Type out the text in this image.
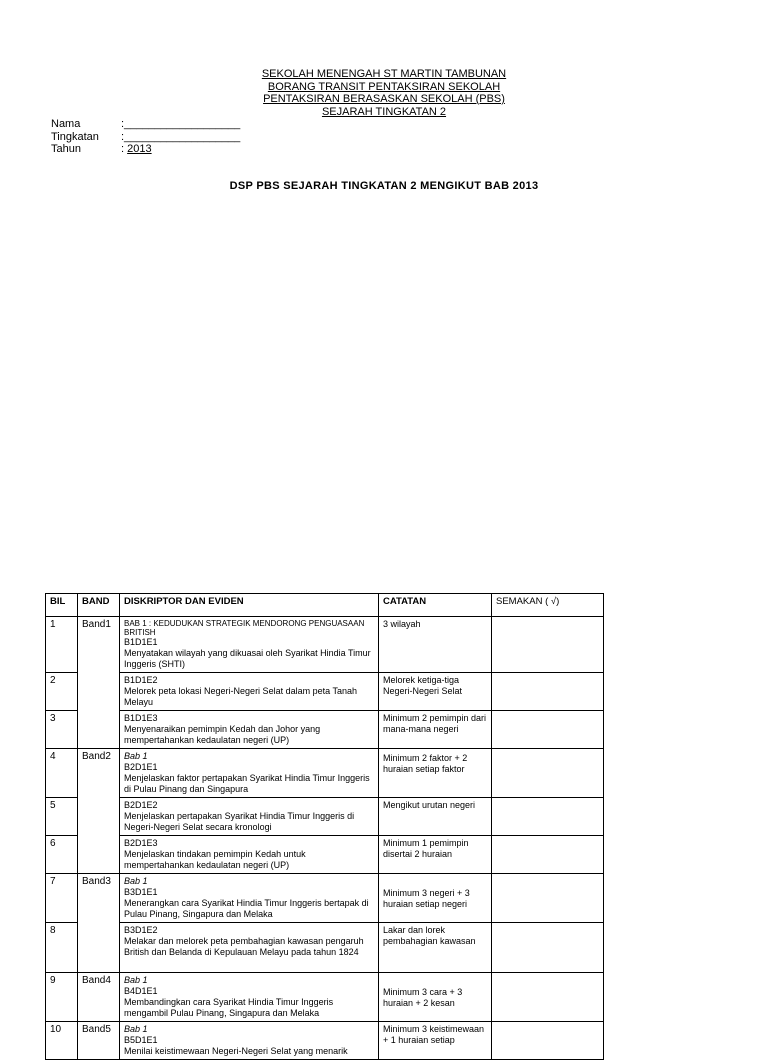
SEKOLAH MENENGAH ST MARTIN TAMBUNAN
BORANG TRANSIT PENTAKSIRAN SEKOLAH
PENTAKSIRAN BERASASKAN SEKOLAH (PBS)
SEJARAH TINGKATAN 2
Nama	:___________________
Tingkatan	:___________________
Tahun	: 2013
DSP PBS SEJARAH TINGKATAN 2 MENGIKUT BAB 2013
BIL	BAND	DISKRIPTOR DAN EVIDEN	CATATAN	SEMAKAN ( √)
1	Band1	BAB 1 : KEDUDUKAN STRATEGIK MENDORONG PENGUASAAN BRITISH
B1D1E1
Menyatakan wilayah yang dikuasai oleh Syarikat Hindia Timur Inggeris (SHTI)	3 wilayah	
2		B1D1E2
Melorek peta lokasi Negeri-Negeri Selat dalam peta Tanah Melayu	Melorek ketiga-tiga Negeri-Negeri Selat	
3		B1D1E3
Menyenaraikan pemimpin Kedah dan Johor yang mempertahankan kedaulatan negeri (UP)	Minimum 2 pemimpin dari mana-mana negeri	
4	Band2	Bab 1
B2D1E1
Menjelaskan faktor pertapakan Syarikat Hindia Timur Inggeris di Pulau Pinang dan Singapura	Minimum 2 faktor + 2 huraian setiap faktor	
5		B2D1E2
Menjelaskan pertapakan Syarikat Hindia Timur Inggeris di Negeri-Negeri Selat secara kronologi	Mengikut urutan negeri	
6		B2D1E3
Menjelaskan tindakan pemimpin Kedah untuk mempertahankan kedaulatan negeri (UP)	Minimum 1 pemimpin disertai 2 huraian	
7	Band3	Bab 1
B3D1E1
Menerangkan cara Syarikat Hindia Timur Inggeris bertapak di Pulau Pinang, Singapura dan Melaka	Minimum 3 negeri + 3 huraian setiap negeri	
8		B3D1E2
Melakar dan melorek peta pembahagian kawasan pengaruh British dan Belanda di Kepulauan Melayu pada tahun 1824	Lakar dan lorek pembahagian kawasan	
9	Band4	Bab 1
B4D1E1
Membandingkan cara Syarikat Hindia Timur Inggeris mengambil Pulau Pinang, Singapura dan Melaka	Minimum 3 cara + 3 huraian + 2 kesan	
10	Band5	Bab 1
B5D1E1
Menilai keistimewaan Negeri-Negeri Selat yang menarik	Minimum 3 keistimewaan + 1 huraian setiap	
